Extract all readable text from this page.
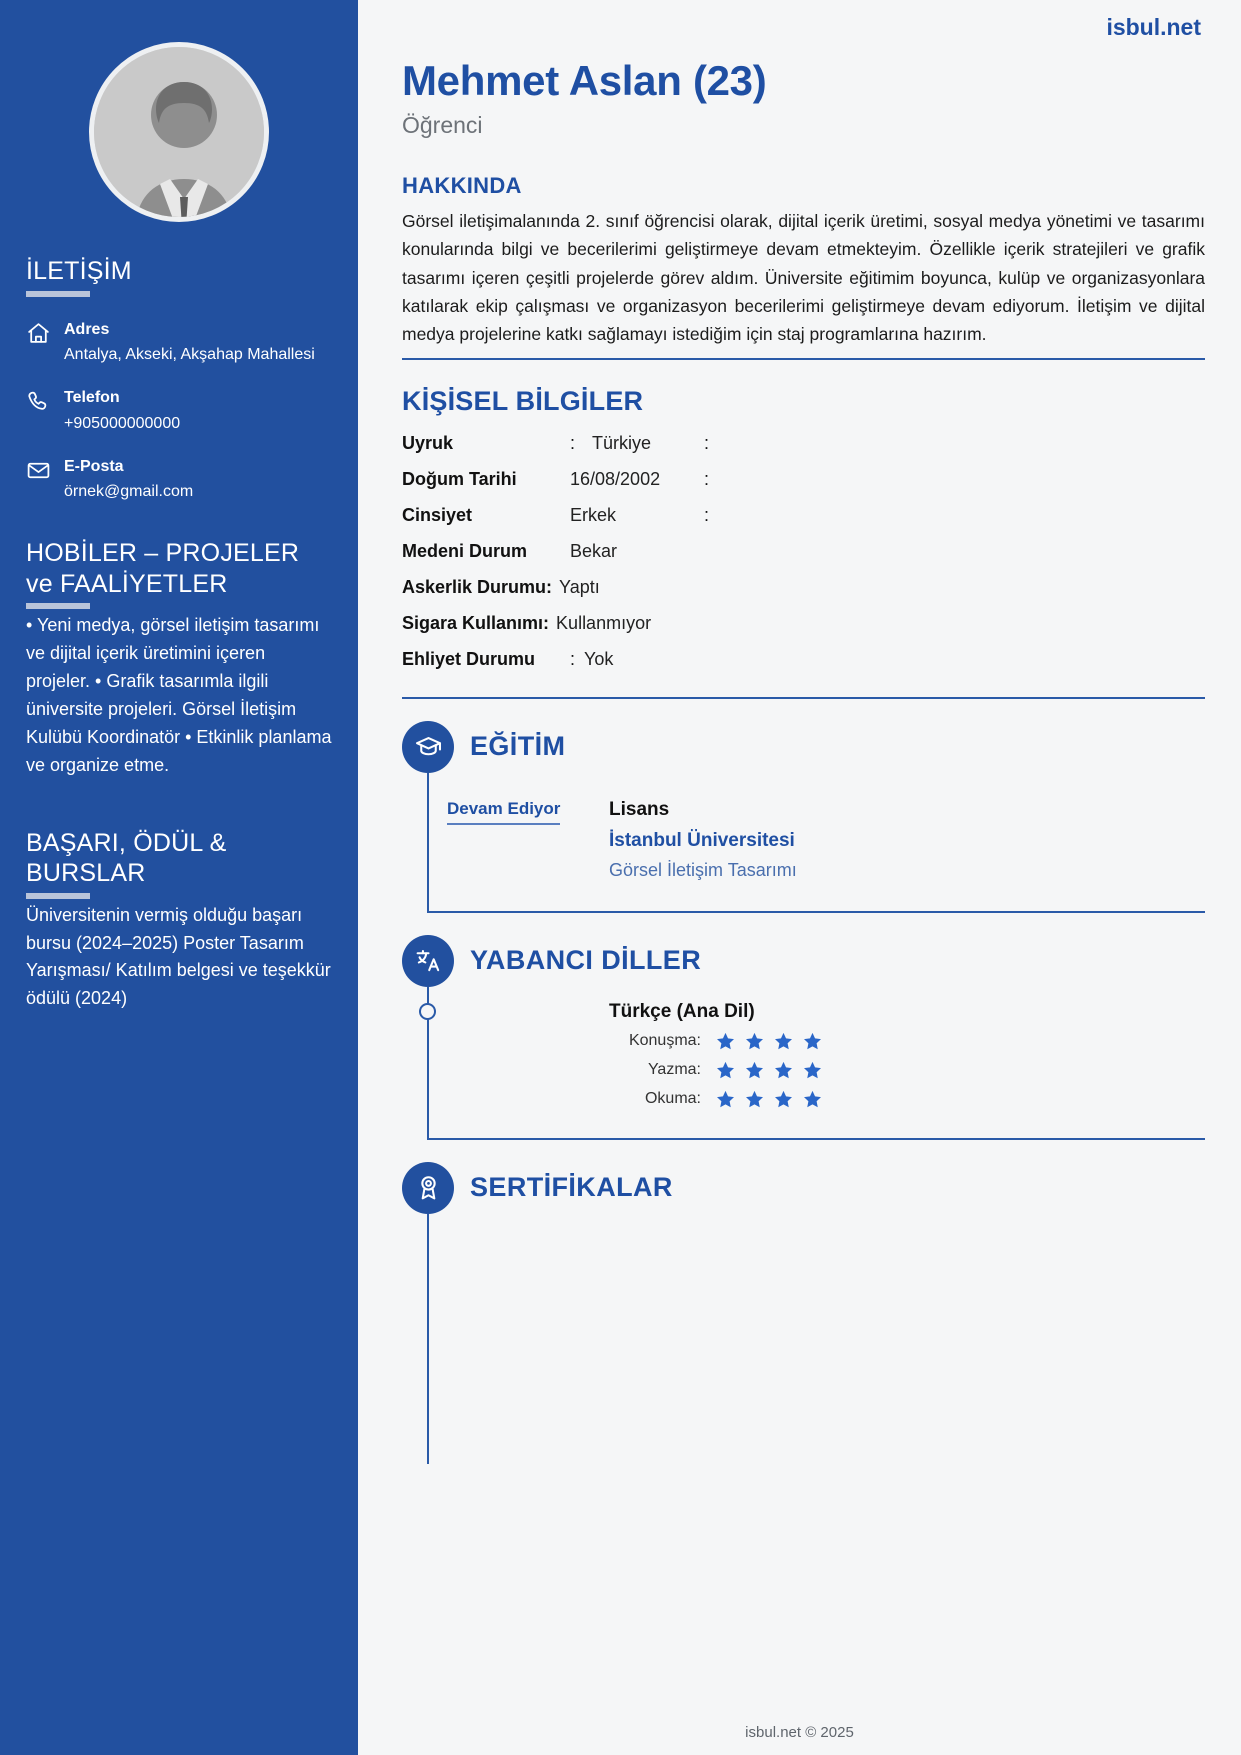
İLETİŞİM
Adres
Antalya, Akseki, Akşahap Mahallesi
Telefon
+905000000000
E-Posta
örnek@gmail.com
HOBİLER – PROJELER ve FAALİYETLER

• Yeni medya, görsel iletişim tasarımı ve dijital içerik üretimini içeren projeler. • Grafik tasarımla ilgili üniversite projeleri. Görsel İletişim Kulübü Koordinatör • Etkinlik planlama ve organize etme.

BAŞARI, ÖDÜL & BURSLAR

Üniversitenin vermiş olduğu başarı bursu (2024–2025) Poster Tasarım Yarışması/ Katılım belgesi ve teşekkür ödülü (2024)

isbul.net
Mehmet Aslan (23)
Öğrenci
HAKKINDA

Görsel iletişimalanında 2. sınıf öğrencisi olarak, dijital içerik üretimi, sosyal medya yönetimi ve tasarımı konularında bilgi ve becerilerimi geliştirmeye devam etmekteyim. Özellikle içerik stratejileri ve grafik tasarımı içeren çeşitli projelerde görev aldım. Üniversite eğitimim boyunca, kulüp ve organizasyonlara katılarak ekip çalışması ve organizasyon becerilerimi geliştirmeye devam ediyorum. İletişim ve dijital medya projelerine katkı sağlamayı istediğim için staj programlarına hazırım.

KİŞİSEL BİLGİLER
Uyruk	: Türkiye	:
Doğum Tarihi	16/08/2002	:
Cinsiyet	Erkek	:
Medeni Durum	Bekar
Askerlik Durumu: Yaptı
Sigara Kullanımı: Kullanmıyor
Ehliyet Durumu	: Yok
EĞİTİM
Devam Ediyor	Lisans
İstanbul Üniversitesi
Görsel İletişim Tasarımı
YABANCI DİLLER
Türkçe (Ana Dil)
Konuşma:
Yazma:
Okuma:
SERTİFİKALAR
isbul.net © 2025
